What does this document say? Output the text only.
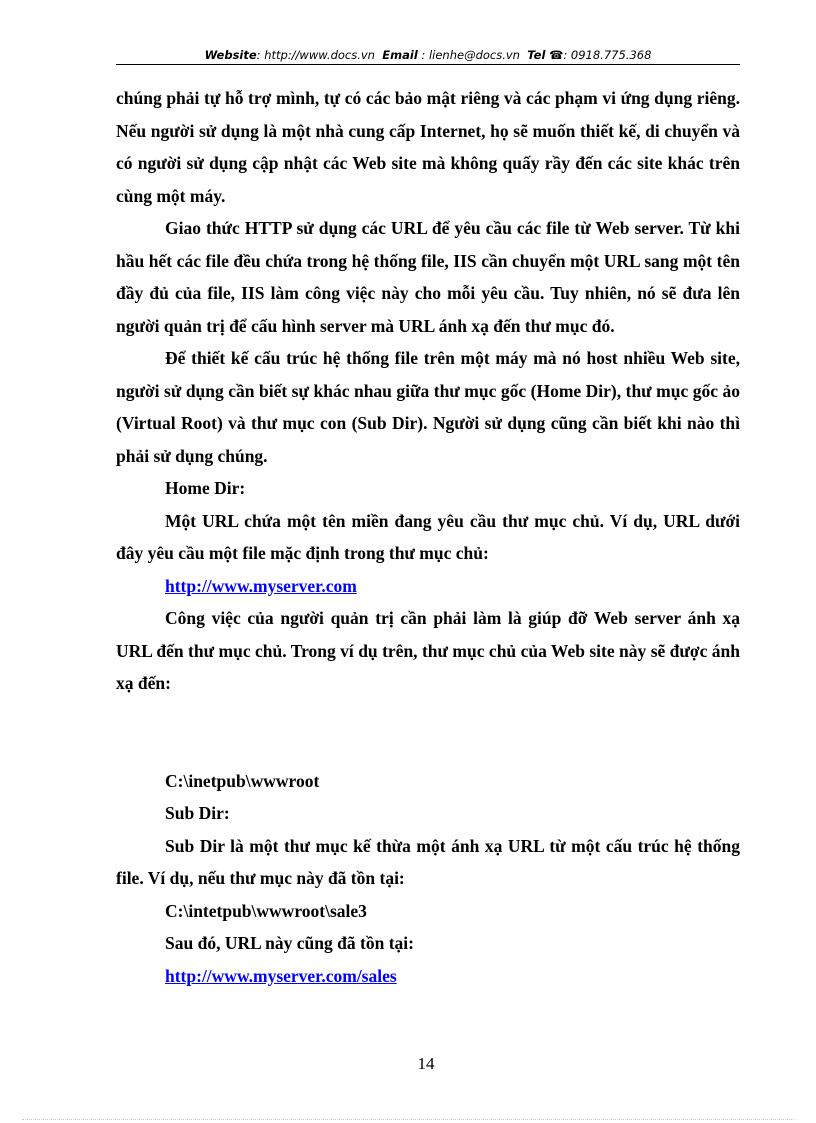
Website: http://www.docs.vn Email : lienhe@docs.vn Tel ☎: 0918.775.368

chúng phải tự hỗ trợ mình, tự có các bảo mật riêng và các phạm vi ứng dụng riêng. Nếu người sử dụng là một nhà cung cấp Internet, họ sẽ muốn thiết kế, di chuyển và có người sử dụng cập nhật các Web site mà không quấy rầy đến các site khác trên cùng một máy.

Giao thức HTTP sử dụng các URL để yêu cầu các file từ Web server. Từ khi hầu hết các file đều chứa trong hệ thống file, IIS cần chuyển một URL sang một tên đầy đủ của file, IIS làm công việc này cho mỗi yêu cầu. Tuy nhiên, nó sẽ đưa lên người quản trị để cấu hình server mà URL ánh xạ đến thư mục đó.

Để thiết kế cấu trúc hệ thống file trên một máy mà nó host nhiều Web site, người sử dụng cần biết sự khác nhau giữa thư mục gốc (Home Dir), thư mục gốc ảo (Virtual Root) và thư mục con (Sub Dir). Người sử dụng cũng cần biết khi nào thì phải sử dụng chúng.

Home Dir:

Một URL chứa một tên miền đang yêu cầu thư mục chủ. Ví dụ, URL dưới đây yêu cầu một file mặc định trong thư mục chủ:

http://www.myserver.com

Công việc của người quản trị cần phải làm là giúp đỡ Web server ánh xạ URL đến thư mục chủ. Trong ví dụ trên, thư mục chủ của Web site này sẽ được ánh xạ đến:

C:\inetpub\wwwroot

Sub Dir:

Sub Dir là một thư mục kế thừa một ánh xạ URL từ một cấu trúc hệ thống file. Ví dụ, nếu thư mục này đã tồn tại:

C:\intetpub\wwwroot\sale3

Sau đó, URL này cũng đã tồn tại:

http://www.myserver.com/sales

14
